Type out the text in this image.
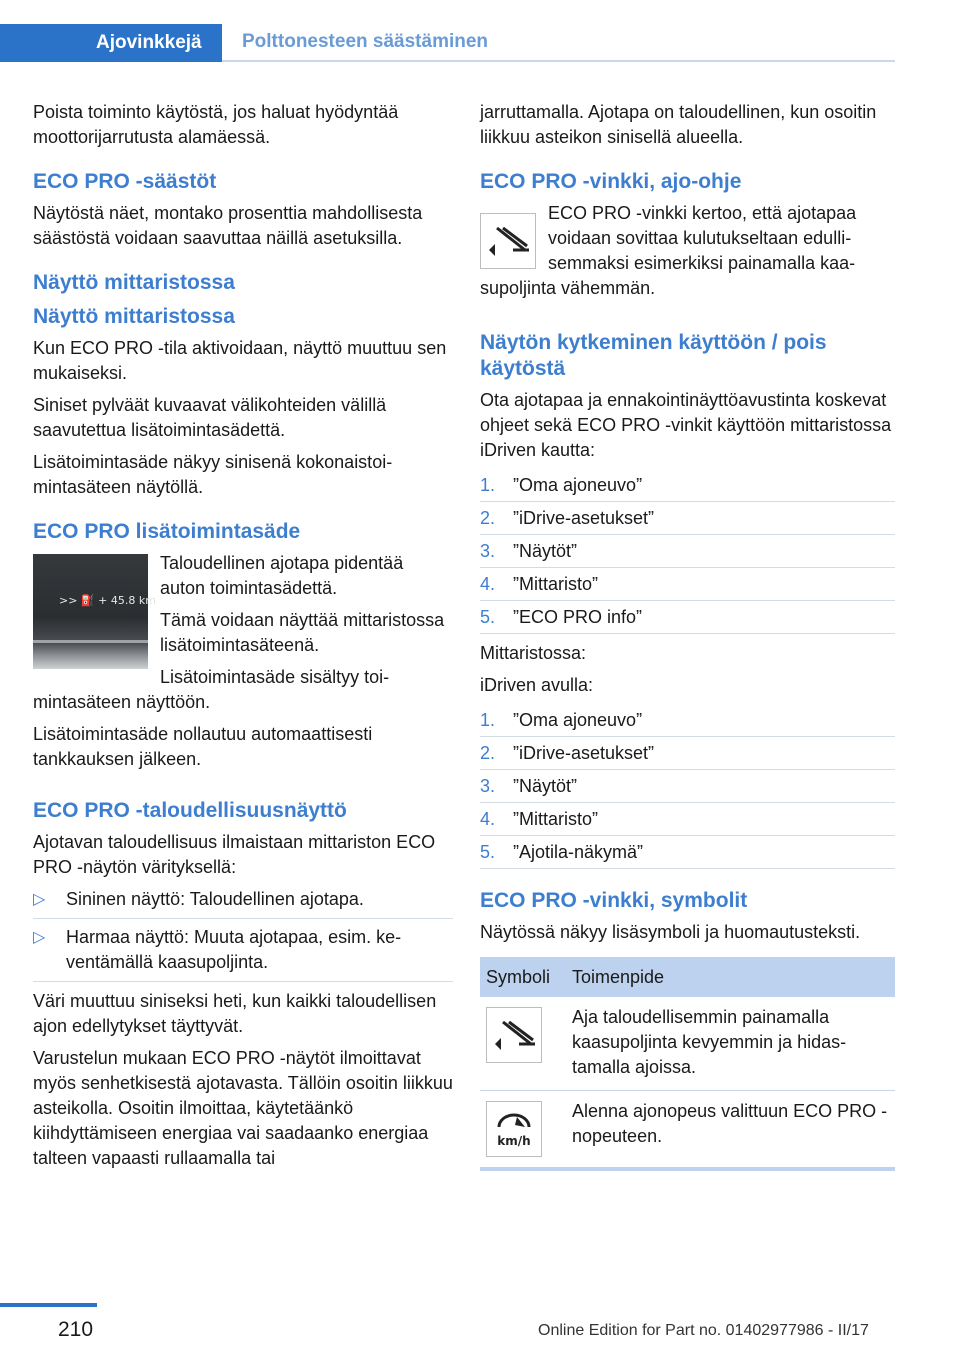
Ajovinkkejä	Polttonesteen säästäminen

Poista toiminto käytöstä, jos haluat hyödyntää moottorijarrutusta alamäessä.

ECO PRO -säästöt

Näytöstä näet, montako prosenttia mahdollisesta säästöstä voidaan saavuttaa näillä asetuksilla.

Näyttö mittaristossa
Näyttö mittaristossa

Kun ECO PRO -tila aktivoidaan, näyttö muuttuu sen mukaiseksi.

Siniset pylväät kuvaavat välikohteiden välillä saavutettua lisätoimintasädettä.

Lisätoimintasäde näkyy sinisenä kokonaistoimintasäteen näytöllä.

ECO PRO lisätoimintasäde
>> ⛽ + 45.8 km

Taloudellinen ajotapa pidentää auton toimintasädettä.

Tämä voidaan näyttää mittaristossa lisätoimintasäteenä.

Lisätoimintasäde sisältyy toimintasäteen näyttöön.

Lisätoimintasäde nollautuu automaattisesti tankkauksen jälkeen.

ECO PRO -taloudellisuusnäyttö

Ajotavan taloudellisuus ilmaistaan mittariston ECO PRO -näytön värityksellä:

▷ Sininen näyttö: Taloudellinen ajotapa.
▷ Harmaa näyttö: Muuta ajotapaa, esim. keventämällä kaasupoljinta.

Väri muuttuu siniseksi heti, kun kaikki taloudellisen ajon edellytykset täyttyvät.

Varustelun mukaan ECO PRO -näytöt ilmoittavat myös senhetkisestä ajotavasta. Tällöin osoitin liikkuu asteikolla. Osoitin ilmoittaa, käytetäänkö kiihdyttämiseen energiaa vai saadaanko energiaa talteen vapaasti rullaamalla tai

jarruttamalla. Ajotapa on taloudellinen, kun osoitin liikkuu asteikon sinisellä alueella.

ECO PRO -vinkki, ajo-ohje

ECO PRO -vinkki kertoo, että ajotapaa voidaan sovittaa kulutukseltaan edullisemmaksi esimerkiksi painamalla kaasupoljinta vähemmän.

Näytön kytkeminen käyttöön / pois käytöstä

Ota ajotapaa ja ennakointinäyttöavustinta koskevat ohjeet sekä ECO PRO -vinkit käyttöön mittaristossa iDriven kautta:

1. ”Oma ajoneuvo”
2. ”iDrive-asetukset”
3. ”Näytöt”
4. ”Mittaristo”
5. ”ECO PRO info”

Mittaristossa:

iDriven avulla:

1. ”Oma ajoneuvo”
2. ”iDrive-asetukset”
3. ”Näytöt”
4. ”Mittaristo”
5. ”Ajotila-näkymä”
ECO PRO -vinkki, symbolit

Näytössä näkyy lisäsymboli ja huomautusteksti.

Symboli	Toimenpide

	Aja taloudellisemmin painamalla kaasupoljinta kevyemmin ja hidastamalla ajoissa.

km/h	Alenna ajonopeus valittuun ECO PRO -nopeuteen.
210	Online Edition for Part no. 01402977986 - II/17
